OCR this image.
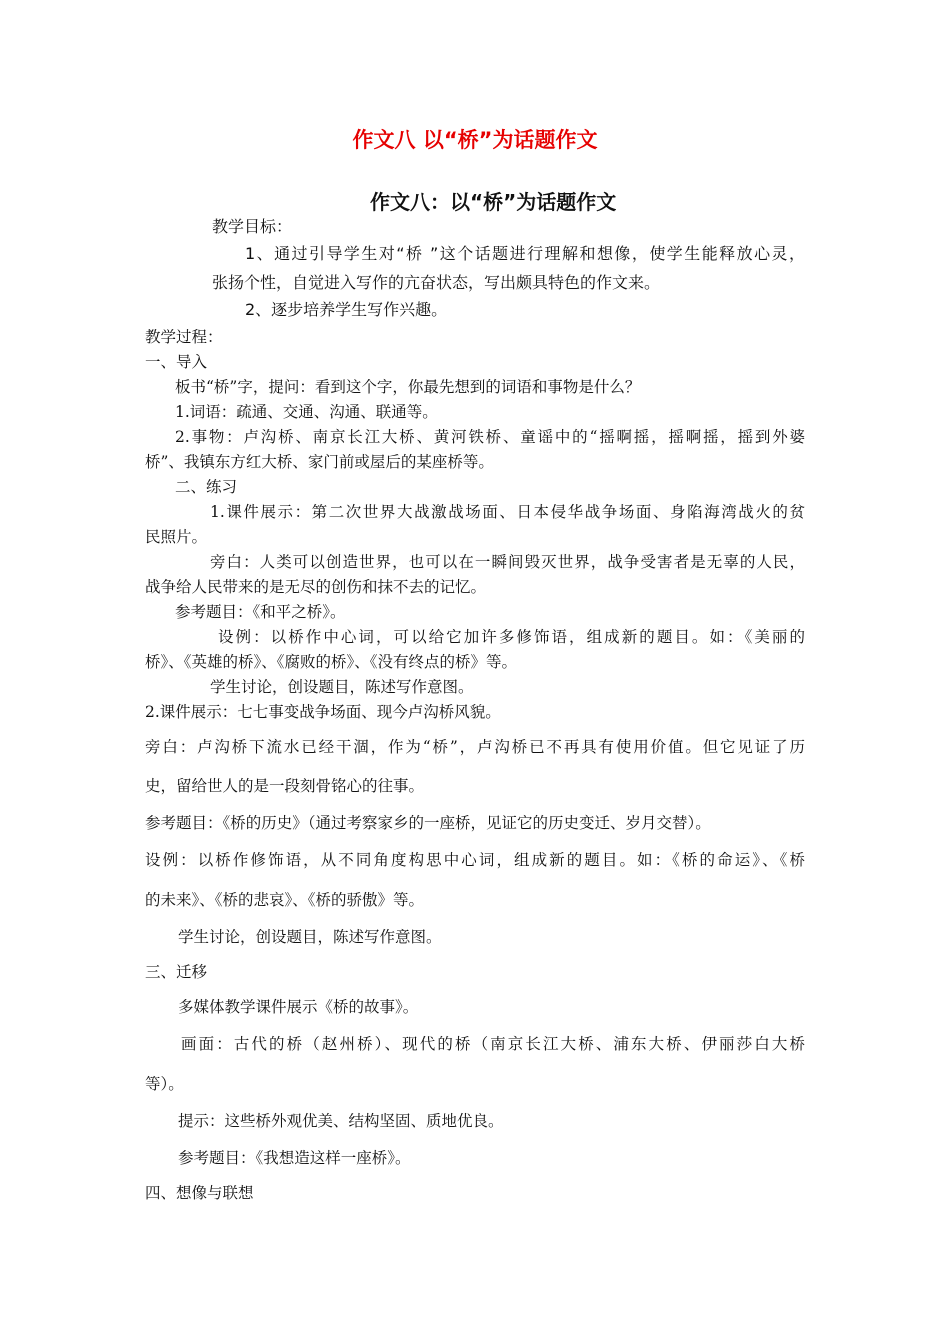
作文八 以“桥”为话题作文
作文八：以“桥”为话题作文
教学目标：
1、通过引导学生对“桥 ”这个话题进行理解和想像，使学生能释放心灵，
张扬个性，自觉进入写作的亢奋状态，写出颇具特色的作文来。
2、逐步培养学生写作兴趣。
教学过程：
一、导入
板书“桥”字，提问：看到这个字，你最先想到的词语和事物是什么？
1.词语：疏通、交通、沟通、联通等。
2.事物：卢沟桥、南京长江大桥、黄河铁桥、童谣中的“摇啊摇，摇啊摇，摇到外婆
桥”、我镇东方红大桥、家门前或屋后的某座桥等。
二、练习
1.课件展示：第二次世界大战激战场面、日本侵华战争场面、身陷海湾战火的贫
民照片。
旁白：人类可以创造世界，也可以在一瞬间毁灭世界，战争受害者是无辜的人民，
战争给人民带来的是无尽的创伤和抹不去的记忆。
参考题目：《和平之桥》。
设例：以桥作中心词，可以给它加许多修饰语，组成新的题目。如：《美丽的
桥》、《英雄的桥》、《腐败的桥》、《没有终点的桥》等。
学生讨论，创设题目，陈述写作意图。
2.课件展示：七七事变战争场面、现今卢沟桥风貌。
旁白：卢沟桥下流水已经干涸，作为“桥”，卢沟桥已不再具有使用价值。但它见证了历
史，留给世人的是一段刻骨铭心的往事。
参考题目：《桥的历史》（通过考察家乡的一座桥，见证它的历史变迁、岁月交替）。
设例：以桥作修饰语，从不同角度构思中心词，组成新的题目。如：《桥的命运》、《桥
的未来》、《桥的悲哀》、《桥的骄傲》等。
学生讨论，创设题目，陈述写作意图。
三、迁移
多媒体教学课件展示《桥的故事》。
画面：古代的桥（赵州桥）、现代的桥（南京长江大桥、浦东大桥、伊丽莎白大桥
等）。
提示：这些桥外观优美、结构坚固、质地优良。
参考题目：《我想造这样一座桥》。
四、想像与联想
